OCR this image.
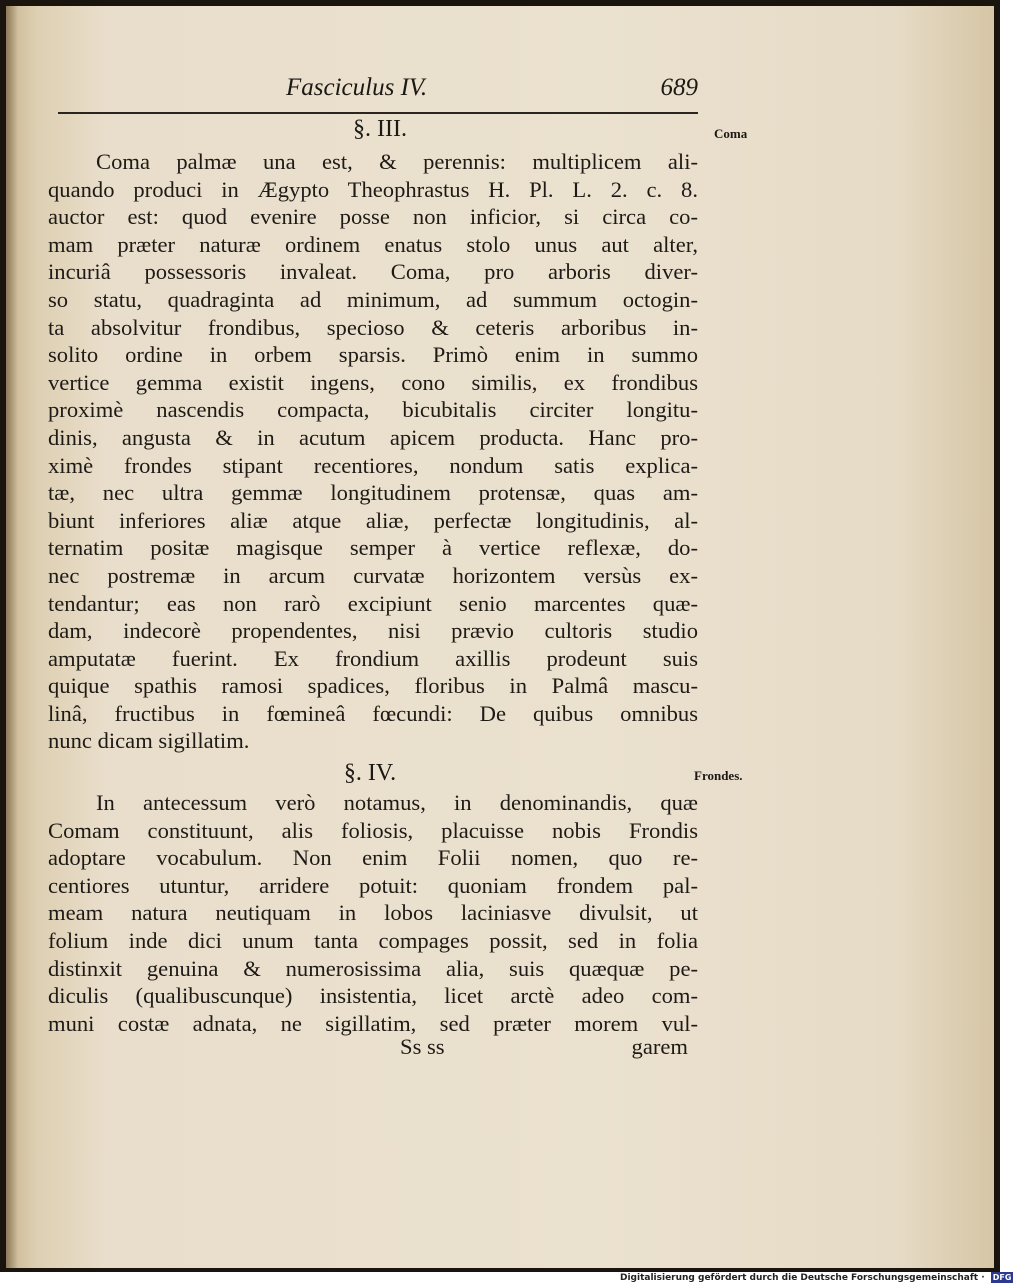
Fasciculus IV.	689
§. III.	Coma
Coma palmæ una est, & perennis: multiplicem ali-
quando produci in Ægypto Theophrastus H. Pl. L. 2. c. 8.
auctor est: quod evenire posse non inficior, si circa co-
mam præter naturæ ordinem enatus stolo unus aut alter,
incuriâ possessoris invaleat. Coma, pro arboris diver-
so statu, quadraginta ad minimum, ad summum octogin-
ta absolvitur frondibus, specioso & ceteris arboribus in-
solito ordine in orbem sparsis. Primò enim in summo
vertice gemma existit ingens, cono similis, ex frondibus
proximè nascendis compacta, bicubitalis circiter longitu-
dinis, angusta & in acutum apicem producta. Hanc pro-
ximè frondes stipant recentiores, nondum satis explica-
tæ, nec ultra gemmæ longitudinem protensæ, quas am-
biunt inferiores aliæ atque aliæ, perfectæ longitudinis, al-
ternatim positæ magisque semper à vertice reflexæ, do-
nec postremæ in arcum curvatæ horizontem versùs ex-
tendantur; eas non rarò excipiunt senio marcentes quæ-
dam, indecorè propendentes, nisi prævio cultoris studio
amputatæ fuerint. Ex frondium axillis prodeunt suis
quique spathis ramosi spadices, floribus in Palmâ mascu-
linâ, fructibus in fœmineâ fœcundi: De quibus omnibus
nunc dicam sigillatim.
§. IV.	Frondes.
In antecessum verò notamus, in denominandis, quæ
Comam constituunt, alis foliosis, placuisse nobis Frondis
adoptare vocabulum. Non enim Folii nomen, quo re-
centiores utuntur, arridere potuit: quoniam frondem pal-
meam natura neutiquam in lobos laciniasve divulsit, ut
folium inde dici unum tanta compages possit, sed in folia
distinxit genuina & numerosissima alia, suis quæquæ pe-
diculis (qualibuscunque) insistentia, licet arctè adeo com-
muni costæ adnata, ne sigillatim, sed præter morem vul-
Ss ss	garem
Digitalisierung gefördert durch die Deutsche Forschungsgemeinschaft · DFG
